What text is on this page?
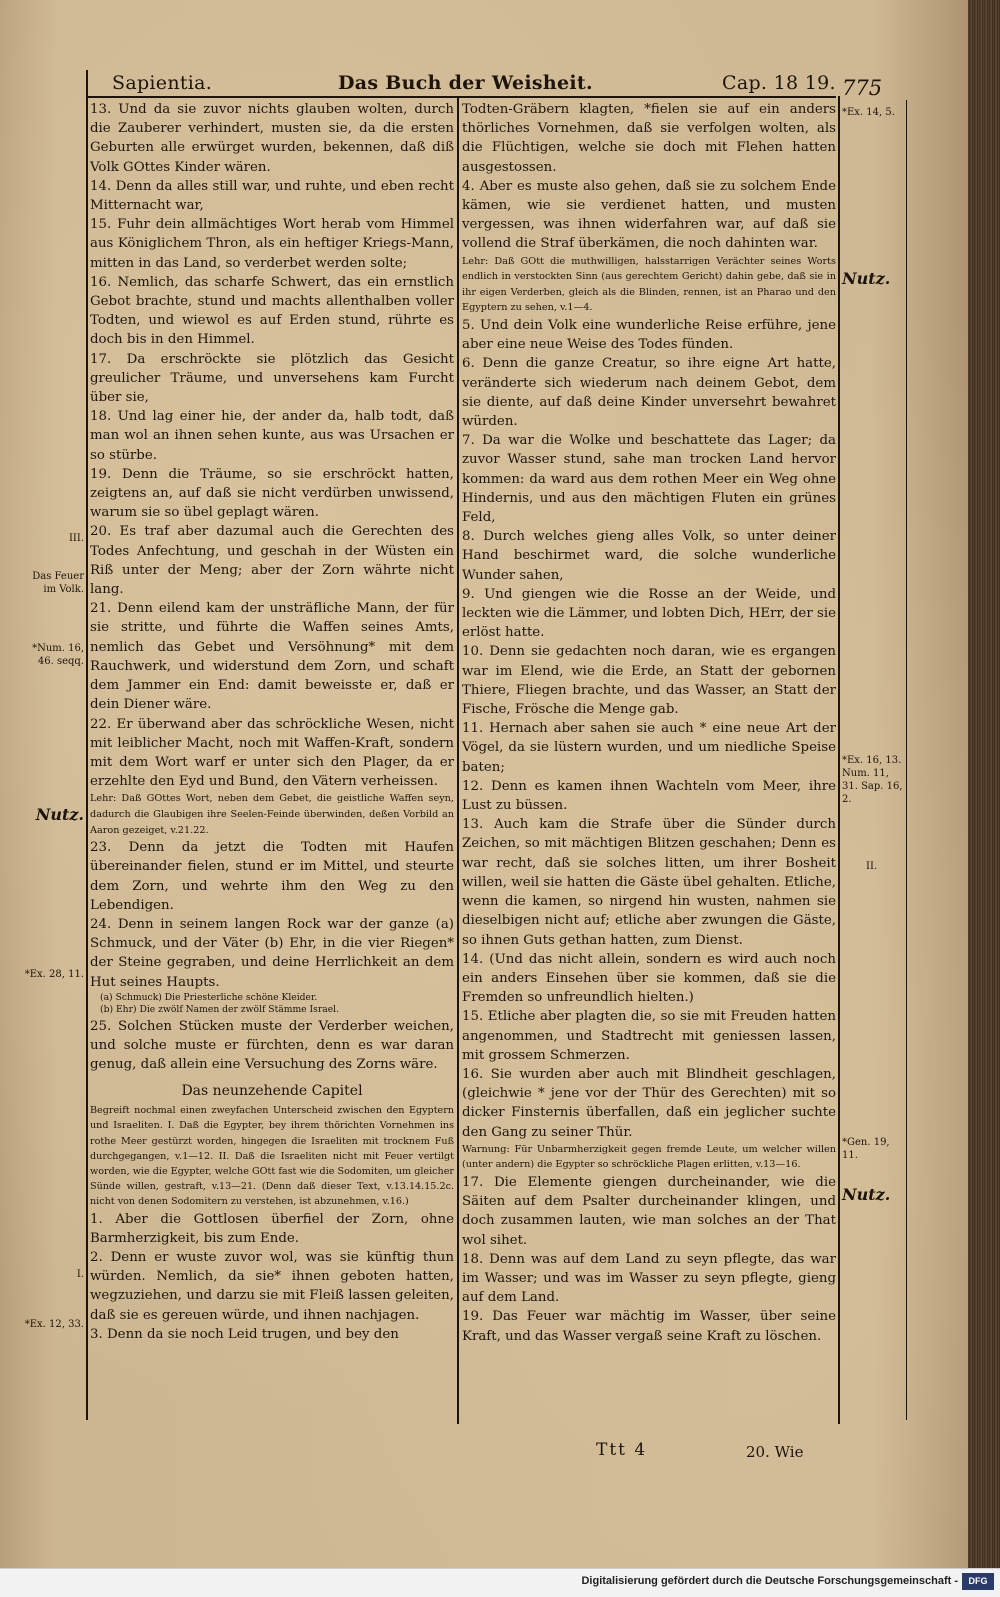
Sapientia.	Das Buch der Weisheit.	Cap. 18 19. 775

13. Und da sie zuvor nichts glauben wolten, durch die Zauberer verhindert, musten sie, da die ersten Geburten alle erwürget wurden, bekennen, daß diß Volk GOttes Kinder wären.

14. Denn da alles still war, und ruhte, und eben recht Mitternacht war,

15. Fuhr dein allmächtiges Wort herab vom Himmel aus Königlichem Thron, als ein heftiger Kriegs-Mann, mitten in das Land, so verderbet werden solte;

16. Nemlich, das scharfe Schwert, das ein ernstlich Gebot brachte, stund und machts allenthalben voller Todten, und wiewol es auf Erden stund, rührte es doch bis in den Himmel.

17. Da erschröckte sie plötzlich das Gesicht greulicher Träume, und unversehens kam Furcht über sie,

18. Und lag einer hie, der ander da, halb todt, daß man wol an ihnen sehen kunte, aus was Ursachen er so stürbe.

19. Denn die Träume, so sie erschröckt hatten, zeigtens an, auf daß sie nicht verdürben unwissend, warum sie so übel geplagt wären.

20. Es traf aber dazumal auch die Gerechten des Todes Anfechtung, und geschah in der Wüsten ein Riß unter der Meng; aber der Zorn währte nicht lang.

21. Denn eilend kam der unsträfliche Mann, der für sie stritte, und führte die Waffen seines Amts, nemlich das Gebet und Versöhnung* mit dem Rauchwerk, und widerstund dem Zorn, und schaft dem Jammer ein End: damit beweisste er, daß er dein Diener wäre.

22. Er überwand aber das schröckliche Wesen, nicht mit leiblicher Macht, noch mit Waffen-Kraft, sondern mit dem Wort warf er unter sich den Plager, da er erzehlte den Eyd und Bund, den Vätern verheissen.

Lehr: Daß GOttes Wort, neben dem Gebet, die geistliche Waffen seyn, dadurch die Glaubigen ihre Seelen-Feinde überwinden, deßen Vorbild an Aaron gezeiget, v.21.22.

23. Denn da jetzt die Todten mit Haufen übereinander fielen, stund er im Mittel, und steurte dem Zorn, und wehrte ihm den Weg zu den Lebendigen.

24. Denn in seinem langen Rock war der ganze (a) Schmuck, und der Väter (b) Ehr, in die vier Riegen* der Steine gegraben, und deine Herrlichkeit an dem Hut seines Haupts.

(a) Schmuck) Die Priesterliche schöne Kleider.

(b) Ehr) Die zwölf Namen der zwölf Stämme Israel.

25. Solchen Stücken muste der Verderber weichen, und solche muste er fürchten, denn es war daran genug, daß allein eine Versuchung des Zorns wäre.

Das neunzehende Capitel

Begreift nochmal einen zweyfachen Unterscheid zwischen den Egyptern und Israeliten. I. Daß die Egypter, bey ihrem thörichten Vornehmen ins rothe Meer gestürzt worden, hingegen die Israeliten mit trocknem Fuß durchgegangen, v.1—12. II. Daß die Israeliten nicht mit Feuer vertilgt worden, wie die Egypter, welche GOtt fast wie die Sodomiten, um gleicher Sünde willen, gestraft, v.13—21. (Denn daß dieser Text, v.13.14.15.2c. nicht von denen Sodomitern zu verstehen, ist abzunehmen, v.16.)

1. Aber die Gottlosen überfiel der Zorn, ohne Barmherzigkeit, bis zum Ende.

2. Denn er wuste zuvor wol, was sie künftig thun würden. Nemlich, da sie* ihnen geboten hatten, wegzuziehen, und darzu sie mit Fleiß lassen geleiten, daß sie es gereuen würde, und ihnen nachjagen.

3. Denn da sie noch Leid trugen, und bey den

Todten-Gräbern klagten, *fielen sie auf ein anders thörliches Vornehmen, daß sie verfolgen wolten, als die Flüchtigen, welche sie doch mit Flehen hatten ausgestossen.

4. Aber es muste also gehen, daß sie zu solchem Ende kämen, wie sie verdienet hatten, und musten vergessen, was ihnen widerfahren war, auf daß sie vollend die Straf überkämen, die noch dahinten war.

Lehr: Daß GOtt die muthwilligen, halsstarrigen Verächter seines Worts endlich in verstockten Sinn (aus gerechtem Gericht) dahin gebe, daß sie in ihr eigen Verderben, gleich als die Blinden, rennen, ist an Pharao und den Egyptern zu sehen, v.1—4.

5. Und dein Volk eine wunderliche Reise erführe, jene aber eine neue Weise des Todes fünden.

6. Denn die ganze Creatur, so ihre eigne Art hatte, veränderte sich wiederum nach deinem Gebot, dem sie diente, auf daß deine Kinder unversehrt bewahret würden.

7. Da war die Wolke und beschattete das Lager; da zuvor Wasser stund, sahe man trocken Land hervor kommen: da ward aus dem rothen Meer ein Weg ohne Hindernis, und aus den mächtigen Fluten ein grünes Feld,

8. Durch welches gieng alles Volk, so unter deiner Hand beschirmet ward, die solche wunderliche Wunder sahen,

9. Und giengen wie die Rosse an der Weide, und leckten wie die Lämmer, und lobten Dich, HErr, der sie erlöst hatte.

10. Denn sie gedachten noch daran, wie es ergangen war im Elend, wie die Erde, an Statt der gebornen Thiere, Fliegen brachte, und das Wasser, an Statt der Fische, Frösche die Menge gab.

11. Hernach aber sahen sie auch * eine neue Art der Vögel, da sie lüstern wurden, und um niedliche Speise baten;

12. Denn es kamen ihnen Wachteln vom Meer, ihre Lust zu büssen.

13. Auch kam die Strafe über die Sünder durch Zeichen, so mit mächtigen Blitzen geschahen; Denn es war recht, daß sie solches litten, um ihrer Bosheit willen, weil sie hatten die Gäste übel gehalten. Etliche, wenn die kamen, so nirgend hin wusten, nahmen sie dieselbigen nicht auf; etliche aber zwungen die Gäste, so ihnen Guts gethan hatten, zum Dienst.

14. (Und das nicht allein, sondern es wird auch noch ein anders Einsehen über sie kommen, daß sie die Fremden so unfreundlich hielten.)

15. Etliche aber plagten die, so sie mit Freuden hatten angenommen, und Stadtrecht mit geniessen lassen, mit grossem Schmerzen.

16. Sie wurden aber auch mit Blindheit geschlagen, (gleichwie * jene vor der Thür des Gerechten) mit so dicker Finsternis überfallen, daß ein jeglicher suchte den Gang zu seiner Thür.

Warnung: Für Unbarmherzigkeit gegen fremde Leute, um welcher willen (unter andern) die Egypter so schröckliche Plagen erlitten, v.13—16.

17. Die Elemente giengen durcheinander, wie die Säiten auf dem Psalter durcheinander klingen, und doch zusammen lauten, wie man solches an der That wol sihet.

18. Denn was auf dem Land zu seyn pflegte, das war im Wasser; und was im Wasser zu seyn pflegte, gieng auf dem Land.

19. Das Feuer war mächtig im Wasser, über seine Kraft, und das Wasser vergaß seine Kraft zu löschen.

III.
Das Feuer im Volk.
*Num. 16, 46. seqq.
Nutz.
*Ex. 28, 11.
I.
*Ex. 12, 33.
*Ex. 14, 5.
Nutz.
*Ex. 16, 13. Num. 11, 31. Sap. 16, 2.
II.
*Gen. 19, 11.
Nutz.
Ttt 4	20. Wie
Digitalisierung gefördert durch die Deutsche Forschungsgemeinschaft -	DFG
